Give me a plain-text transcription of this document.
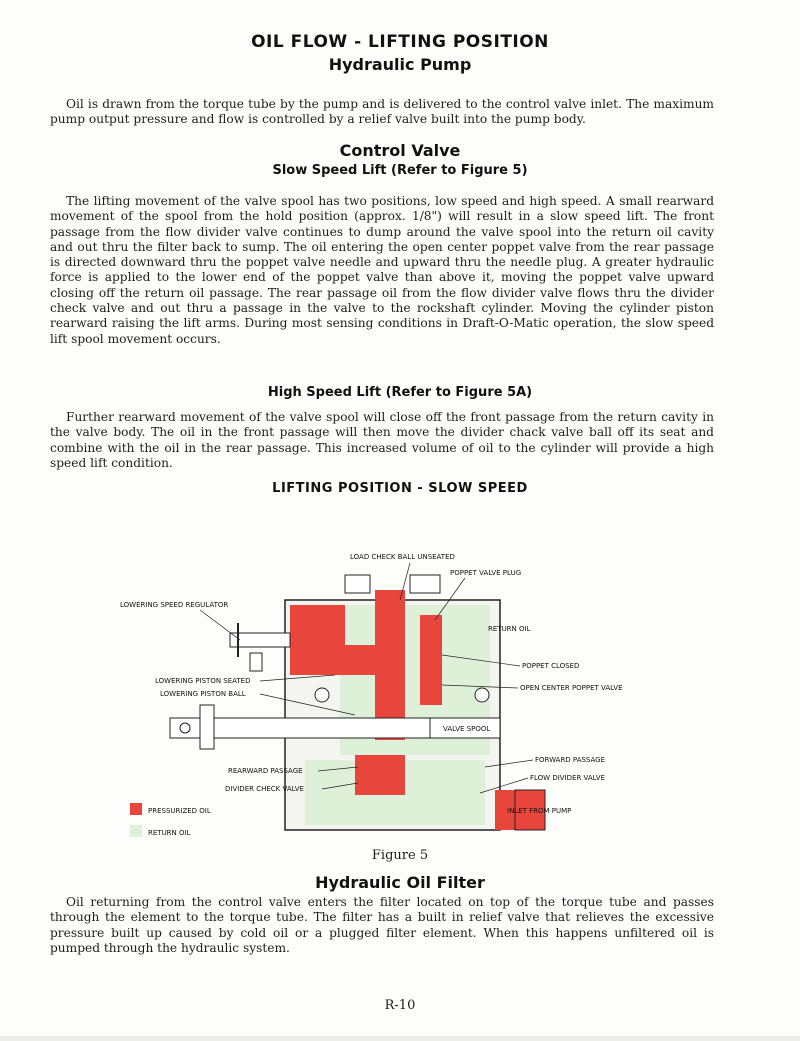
OIL FLOW - LIFTING POSITION
Hydraulic Pump

Oil is drawn from the torque tube by the pump and is delivered to the control valve inlet. The maximum pump output pressure and flow is controlled by a relief valve built into the pump body.

Control Valve
Slow Speed Lift (Refer to Figure 5)

The lifting movement of the valve spool has two positions, low speed and high speed. A small rearward movement of the spool from the hold position (approx. 1/8") will result in a slow speed lift. The front passage from the flow divider valve continues to dump around the valve spool into the return oil cavity and out thru the filter back to sump. The oil entering the open center poppet valve from the rear passage is directed downward thru the poppet valve needle and upward thru the needle plug. A greater hydraulic force is applied to the lower end of the poppet valve than above it, moving the poppet valve upward closing off the return oil passage. The rear passage oil from the flow divider valve flows thru the divider check valve and out thru a passage in the valve to the rockshaft cylinder. Moving the cylinder piston rearward raising the lift arms. During most sensing conditions in Draft-O-Matic operation, the slow speed lift spool movement occurs.

High Speed Lift (Refer to Figure 5A)

Further rearward movement of the valve spool will close off the front passage from the return cavity in the valve body. The oil in the front passage will then move the divider chack valve ball off its seat and combine with the oil in the rear passage. This increased volume of oil to the cylinder will provide a high speed lift condition.

LIFTING POSITION - SLOW SPEED
LOAD CHECK BALL UNSEATED
POPPET VALVE PLUG
LOWERING SPEED REGULATOR
RETURN OIL
POPPET CLOSED
LOWERING PISTON SEATED
OPEN CENTER POPPET VALVE
LOWERING PISTON BALL
VALVE SPOOL
FORWARD PASSAGE
REARWARD PASSAGE
FLOW DIVIDER VALVE
DIVIDER CHECK VALVE
INLET FROM PUMP
PRESSURIZED OIL
RETURN OIL
Figure 5
Hydraulic Oil Filter

Oil returning from the control valve enters the filter located on top of the torque tube and passes through the element to the torque tube. The filter has a built in relief valve that relieves the excessive pressure built up caused by cold oil or a plugged filter element. When this happens unfiltered oil is pumped through the hydraulic system.

R-10
